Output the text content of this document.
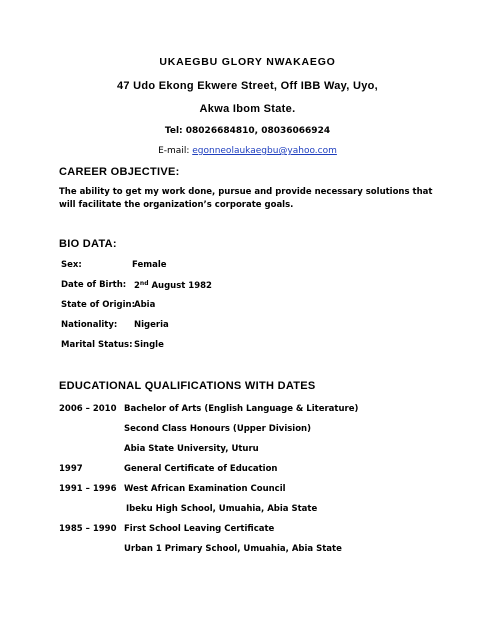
UKAEGBU GLORY NWAKAEGO
47 Udo Ekong Ekwere Street, Off IBB Way, Uyo,
Akwa Ibom State.
Tel: 08026684810, 08036066924
E-mail: egonneolaukaegbu@yahoo.com
CAREER OBJECTIVE:
The ability to get my work done, pursue and provide necessary solutions that will facilitate the organization’s corporate goals.
BIO DATA:
Sex:	Female
Date of Birth: 2nd August 1982
State of Origin: Abia
Nationality: Nigeria
Marital Status: Single
EDUCATIONAL QUALIFICATIONS WITH DATES
2006 – 2010 Bachelor of Arts (English Language & Literature)
Second Class Honours (Upper Division)
Abia State University, Uturu
1997	General Certificate of Education
1991 – 1996 West African Examination Council
Ibeku High School, Umuahia, Abia State
1985 – 1990 First School Leaving Certificate
Urban 1 Primary School, Umuahia, Abia State
